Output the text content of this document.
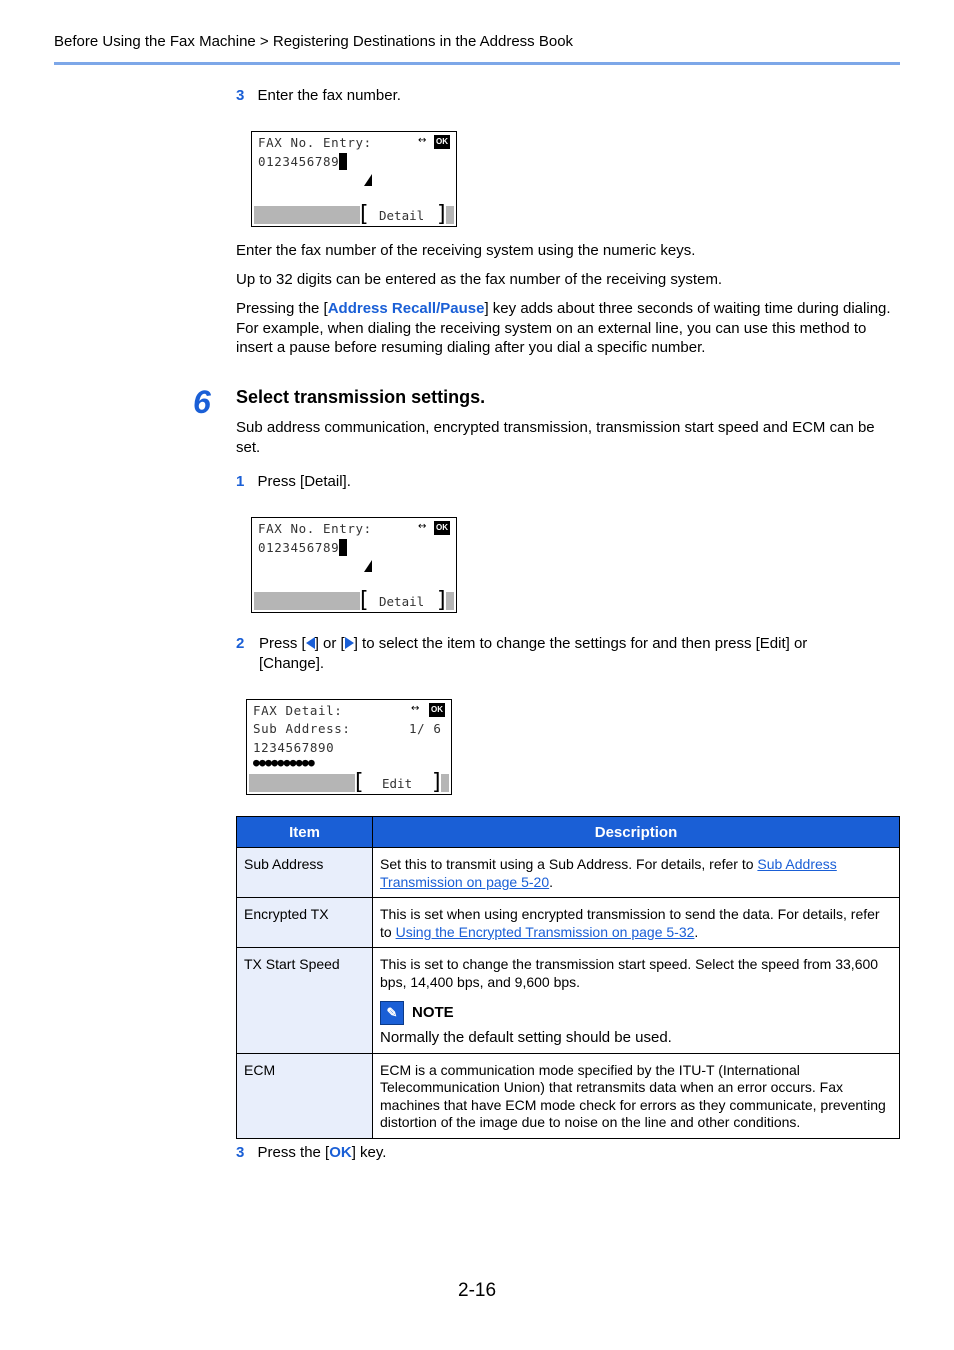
Before Using the Fax Machine > Registering Destinations in the Address Book
3 Enter the fax number.
FAX No. Entry:	↔ OK
0123456789
[	]
Detail
Enter the fax number of the receiving system using the numeric keys.
Up to 32 digits can be entered as the fax number of the receiving system.
Pressing the [Address Recall/Pause] key adds about three seconds of waiting time during dialing. For example, when dialing the receiving system on an external line, you can use this method to insert a pause before resuming dialing after you dial a specific number.
6 Select transmission settings.
Sub address communication, encrypted transmission, transmission start speed and ECM can be set.
1 Press [Detail].
FAX No. Entry:	↔ OK
0123456789
[	]
Detail
2 Press [ ] or [ ] to select the item to change the settings for and then press [Edit] or [Change].
FAX Detail:	↔ OK
Sub Address:	1/ 6
1234567890
●●●●●●●●●●
[	]
Edit
Item	Description
Sub Address	Set this to transmit using a Sub Address. For details, refer to Sub Address Transmission on page 5-20.
Encrypted TX	This is set when using encrypted transmission to send the data. For details, refer to Using the Encrypted Transmission on page 5-32.
TX Start Speed	This is set to change the transmission start speed. Select the speed from 33,600 bps, 14,400 bps, and 9,600 bps.
✎ NOTE
Normally the default setting should be used.

ECM	ECM is a communication mode specified by the ITU-T (International Telecommunication Union) that retransmits data when an error occurs. Fax machines that have ECM mode check for errors as they communicate, preventing distortion of the image due to noise on the line and other conditions.
3 Press the [OK] key.
2-16
